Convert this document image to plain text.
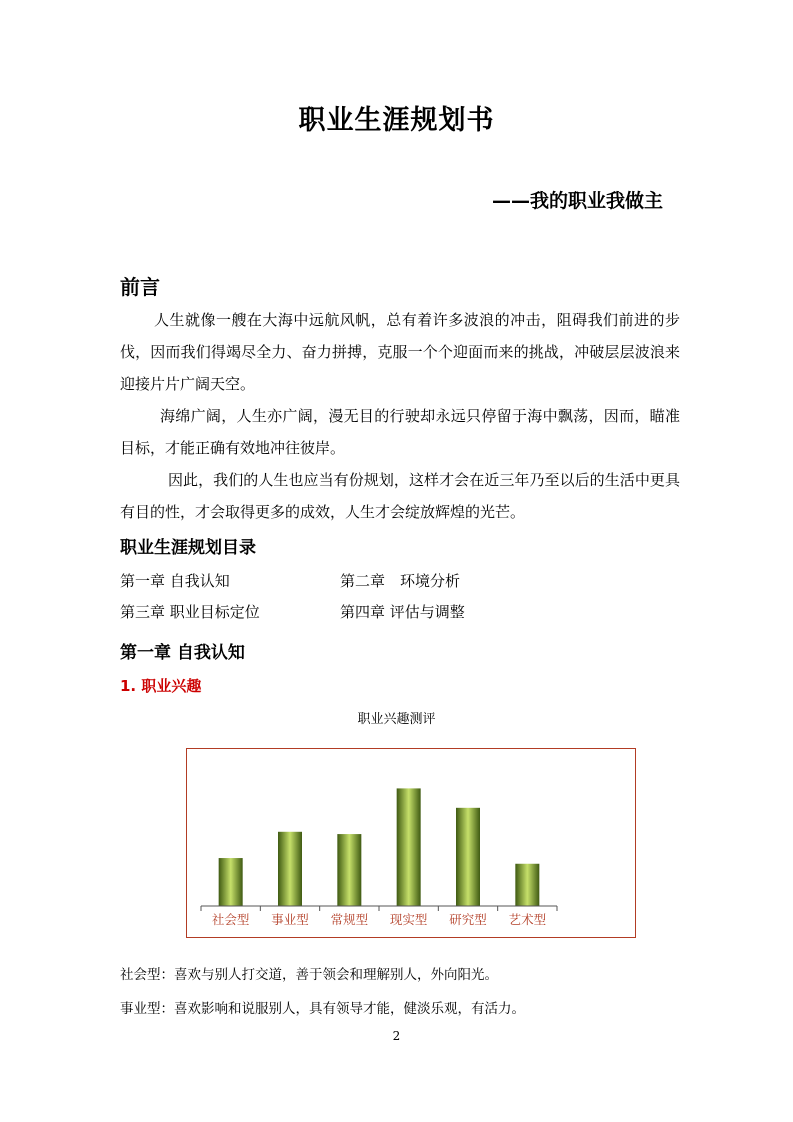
职业生涯规划书
——我的职业我做主
前言

人生就像一艘在大海中远航风帆，总有着许多波浪的冲击，阻碍我们前进的步伐，因而我们得竭尽全力、奋力拼搏，克服一个个迎面而来的挑战，冲破层层波浪来迎接片片广阔天空。

海绵广阔，人生亦广阔，漫无目的行驶却永远只停留于海中飘荡，因而，瞄准目标，才能正确有效地冲往彼岸。

因此，我们的人生也应当有份规划，这样才会在近三年乃至以后的生活中更具有目的性，才会取得更多的成效，人生才会绽放辉煌的光芒。

职业生涯规划目录
第一章 自我认知	第二章　环境分析
第三章 职业目标定位	第四章 评估与调整
第一章 自我认知
1. 职业兴趣
职业兴趣测评
社会型 事业型 常规型 现实型 研究型 艺术型
社会型：喜欢与别人打交道，善于领会和理解别人，外向阳光。
事业型：喜欢影响和说服别人，具有领导才能，健淡乐观，有活力。
2
